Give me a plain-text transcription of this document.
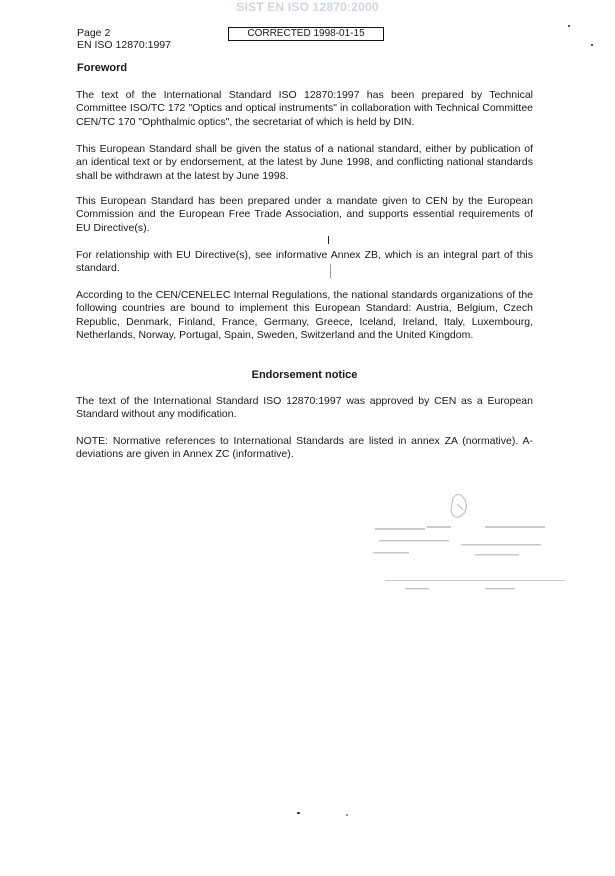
SIST EN ISO 12870:2000
Page 2
EN ISO 12870:1997
CORRECTED 1998-01-15
Foreword

The text of the International Standard ISO 12870:1997 has been prepared by Technical Committee ISO/TC 172 "Optics and optical instruments" in collaboration with Technical Committee CEN/TC 170 "Ophthalmic optics", the secretariat of which is held by DIN.

This European Standard shall be given the status of a national standard, either by publication of an identical text or by endorsement, at the latest by June 1998, and conflicting national standards shall be withdrawn at the latest by June 1998.

This European Standard has been prepared under a mandate given to CEN by the European Commission and the European Free Trade Association, and supports essential requirements of EU Directive(s).

For relationship with EU Directive(s), see informative Annex ZB, which is an integral part of this standard.

According to the CEN/CENELEC Internal Regulations, the national standards organizations of the following countries are bound to implement this European Standard: Austria, Belgium, Czech Republic, Denmark, Finland, France, Germany, Greece, Iceland, Ireland, Italy, Luxembourg, Netherlands, Norway, Portugal, Spain, Sweden, Switzerland and the United Kingdom.

Endorsement notice

The text of the International Standard ISO 12870:1997 was approved by CEN as a European Standard without any modification.

NOTE: Normative references to International Standards are listed in annex ZA (normative). A-deviations are given in Annex ZC (informative).
